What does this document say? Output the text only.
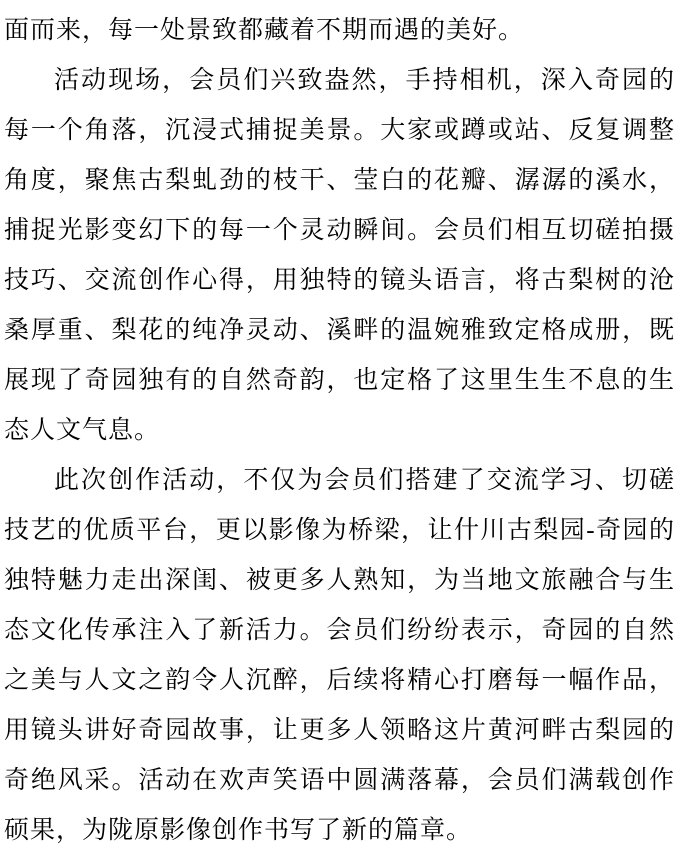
面而来，每一处景致都藏着不期而遇的美好。

活动现场，会员们兴致盎然，手持相机，深入奇园的每一个角落，沉浸式捕捉美景。大家或蹲或站、反复调整角度，聚焦古梨虬劲的枝干、莹白的花瓣、潺潺的溪水，捕捉光影变幻下的每一个灵动瞬间。会员们相互切磋拍摄技巧、交流创作心得，用独特的镜头语言，将古梨树的沧桑厚重、梨花的纯净灵动、溪畔的温婉雅致定格成册，既展现了奇园独有的自然奇韵，也定格了这里生生不息的生态人文气息。

此次创作活动，不仅为会员们搭建了交流学习、切磋技艺的优质平台，更以影像为桥梁，让什川古梨园-奇园的独特魅力走出深闺、被更多人熟知，为当地文旅融合与生态文化传承注入了新活力。会员们纷纷表示，奇园的自然之美与人文之韵令人沉醉，后续将精心打磨每一幅作品，用镜头讲好奇园故事，让更多人领略这片黄河畔古梨园的奇绝风采。活动在欢声笑语中圆满落幕，会员们满载创作硕果，为陇原影像创作书写了新的篇章。
